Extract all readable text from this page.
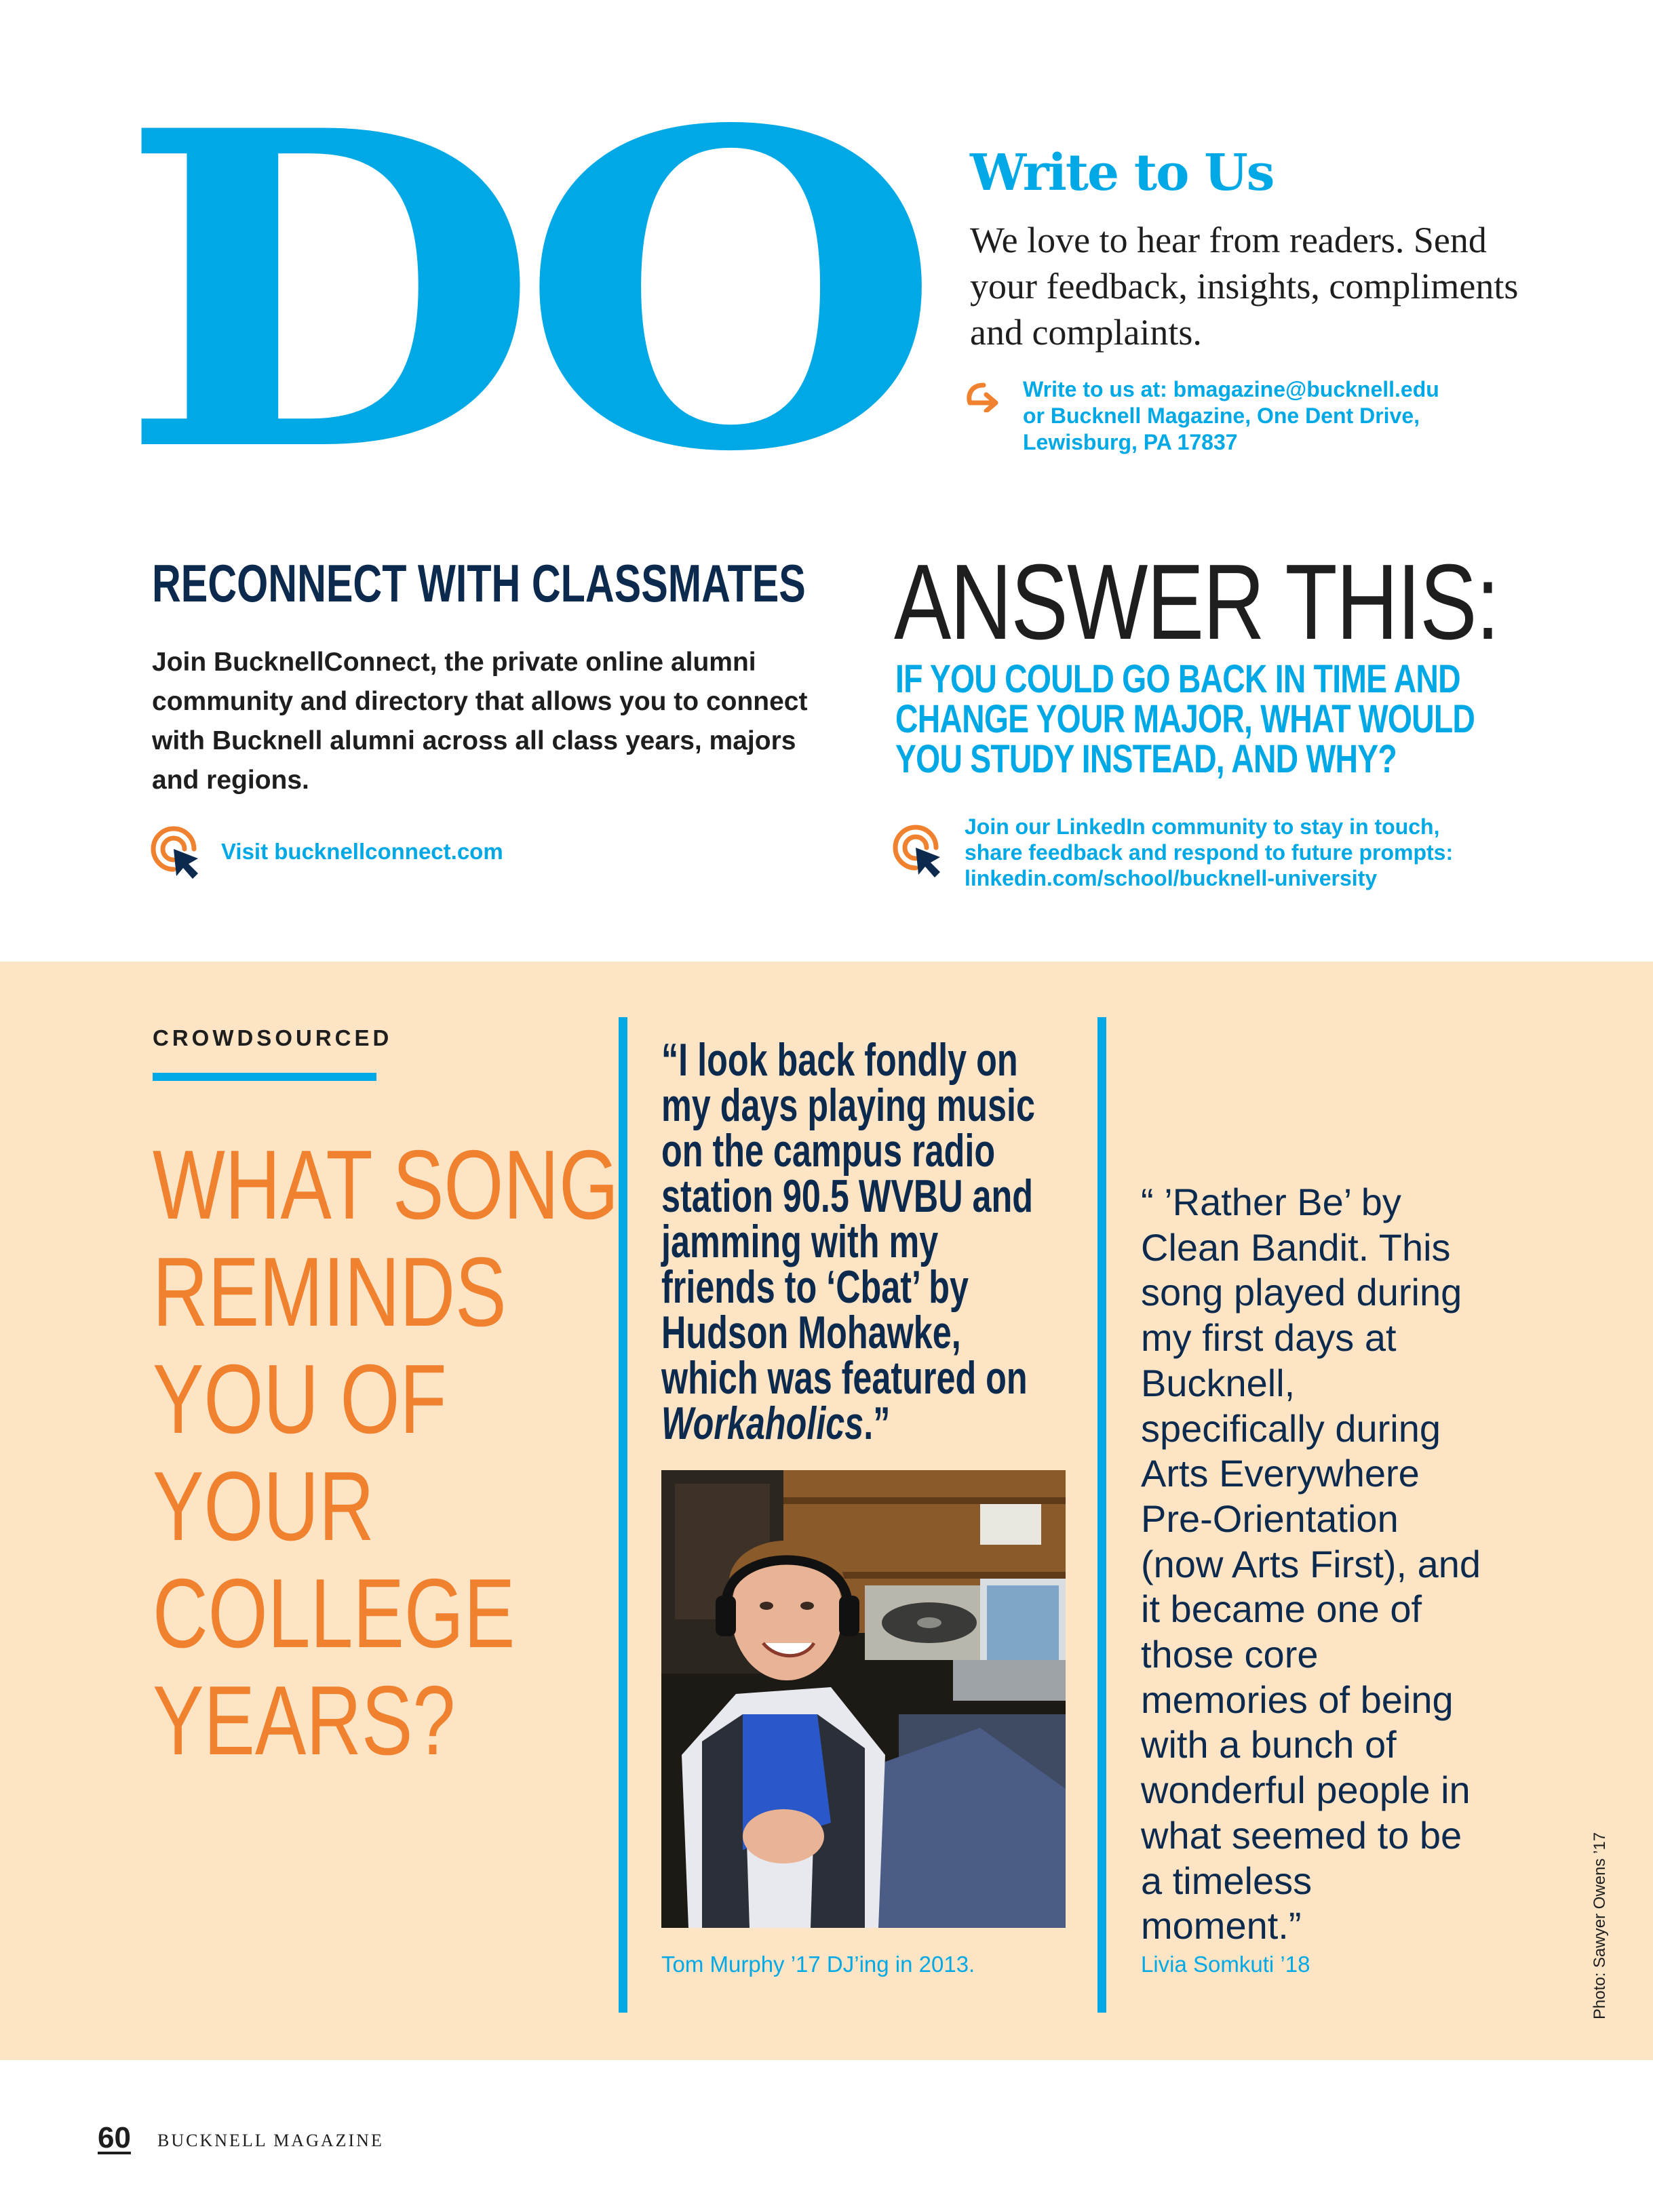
DO Write to Us
We love to hear from readers. Send your feedback, insights, compliments and complaints.
Write to us at: bmagazine@bucknell.edu
or Bucknell Magazine, One Dent Drive,
Lewisburg, PA 17837
RECONNECT WITH CLASSMATES
Join BucknellConnect, the private online alumni community and directory that allows you to connect with Bucknell alumni across all class years, majors and regions.
Visit bucknellconnect.com
ANSWER THIS:
IF YOU COULD GO BACK IN TIME AND
CHANGE YOUR MAJOR, WHAT WOULD
YOU STUDY INSTEAD, AND WHY?
Join our LinkedIn community to stay in touch,
share feedback and respond to future prompts:
linkedin.com/school/bucknell-university
CROWDSOURCED
WHAT SONG
REMINDS
YOU OF
YOUR
COLLEGE
YEARS?
“I look back fondly on
my days playing music
on the campus radio
station 90.5 WVBU and
jamming with my
friends to ‘Cbat’ by
Hudson Mohawke,
which was featured on
Workaholics.”
Tom Murphy ’17 DJ’ing in 2013.
“ ’Rather Be’ by
Clean Bandit. This
song played during
my first days at
Bucknell,
specifically during
Arts Everywhere
Pre-Orientation
(now Arts First), and
it became one of
those core
memories of being
with a bunch of
wonderful people in
what seemed to be
a timeless
moment.”
Livia Somkuti ’18	Photo: Sawyer Owens ’17
60 BUCKNELL MAGAZINE
